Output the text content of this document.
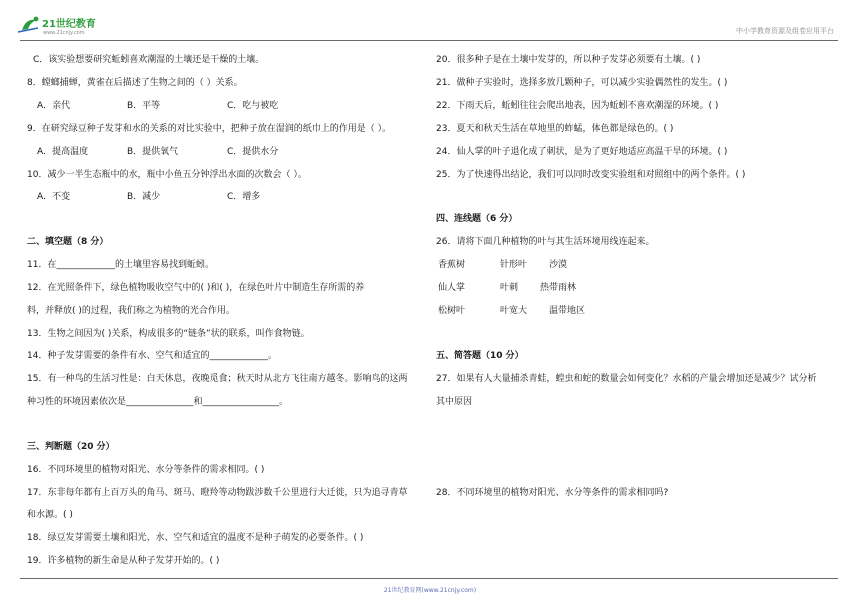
21世纪教育
www.21cnjy.com	中小学教育资源及组卷应用平台
C．该实验想要研究蚯蚓喜欢潮湿的土壤还是干燥的土壤。
8．螳螂捕蝉，黄雀在后描述了生物之间的（ ）关系。
A．亲代	B．平等	C．吃与被吃
9．在研究绿豆种子发芽和水的关系的对比实验中，把种子放在湿润的纸巾上的作用是（ ）。
A．提高温度	B．提供氧气	C．提供水分
10．减少一半生态瓶中的水，瓶中小鱼五分钟浮出水面的次数会（ ）。
A．不变	B．减少	C．增多
二、填空题（8 分）
11．在_____________的土壤里容易找到蚯蚓。
12．在光照条件下，绿色植物吸收空气中的( )和( )，在绿色叶片中制造生存所需的养
料，并释放( )的过程，我们称之为植物的光合作用。
13．生物之间因为( )关系，构成很多的“链条”状的联系，叫作食物链。
14．种子发芽需要的条件有水、空气和适宜的_____________。
15．有一种鸟的生活习性是：白天休息，夜晚觅食；秋天时从北方飞往南方越冬。影响鸟的这两
种习性的环境因素依次是_______________和_________________。
三、判断题（20 分）
16．不同环境里的植物对阳光、水分等条件的需求相同。( )
17．东非每年都有上百万头的角马、斑马、瞪羚等动物跋涉数千公里进行大迁徙，只为追寻青草
和水源。( )
18．绿豆发芽需要土壤和阳光、水、空气和适宜的温度不是种子萌发的必要条件。( )
19．许多植物的新生命是从种子发芽开始的。( )
20．很多种子是在土壤中发芽的，所以种子发芽必须要有土壤。( )
21．做种子实验时，选择多放几颗种子，可以减少实验偶然性的发生。( )
22．下雨天后，蚯蚓往往会爬出地表，因为蚯蚓不喜欢潮湿的环境。( )
23．夏天和秋天生活在草地里的蚱蜢，体色都是绿色的。( )
24．仙人掌的叶子退化成了刺状，是为了更好地适应高温干旱的环境。( )
25．为了快速得出结论，我们可以同时改变实验组和对照组中的两个条件。( )
四、连线题（6 分）
26．请将下面几种植物的叶与其生活环境用线连起来。
香蕉树	针形叶 沙漠
仙人掌	叶刺 热带雨林
松树叶	叶宽大 温带地区
五、简答题（10 分）
27．如果有人大量捕杀青蛙，蝗虫和蛇的数量会如何变化？水稻的产量会增加还是减少？试分析
其中原因
28．不同环境里的植物对阳光、水分等条件的需求相同吗?
21世纪教育网(www.21cnjy.com)
